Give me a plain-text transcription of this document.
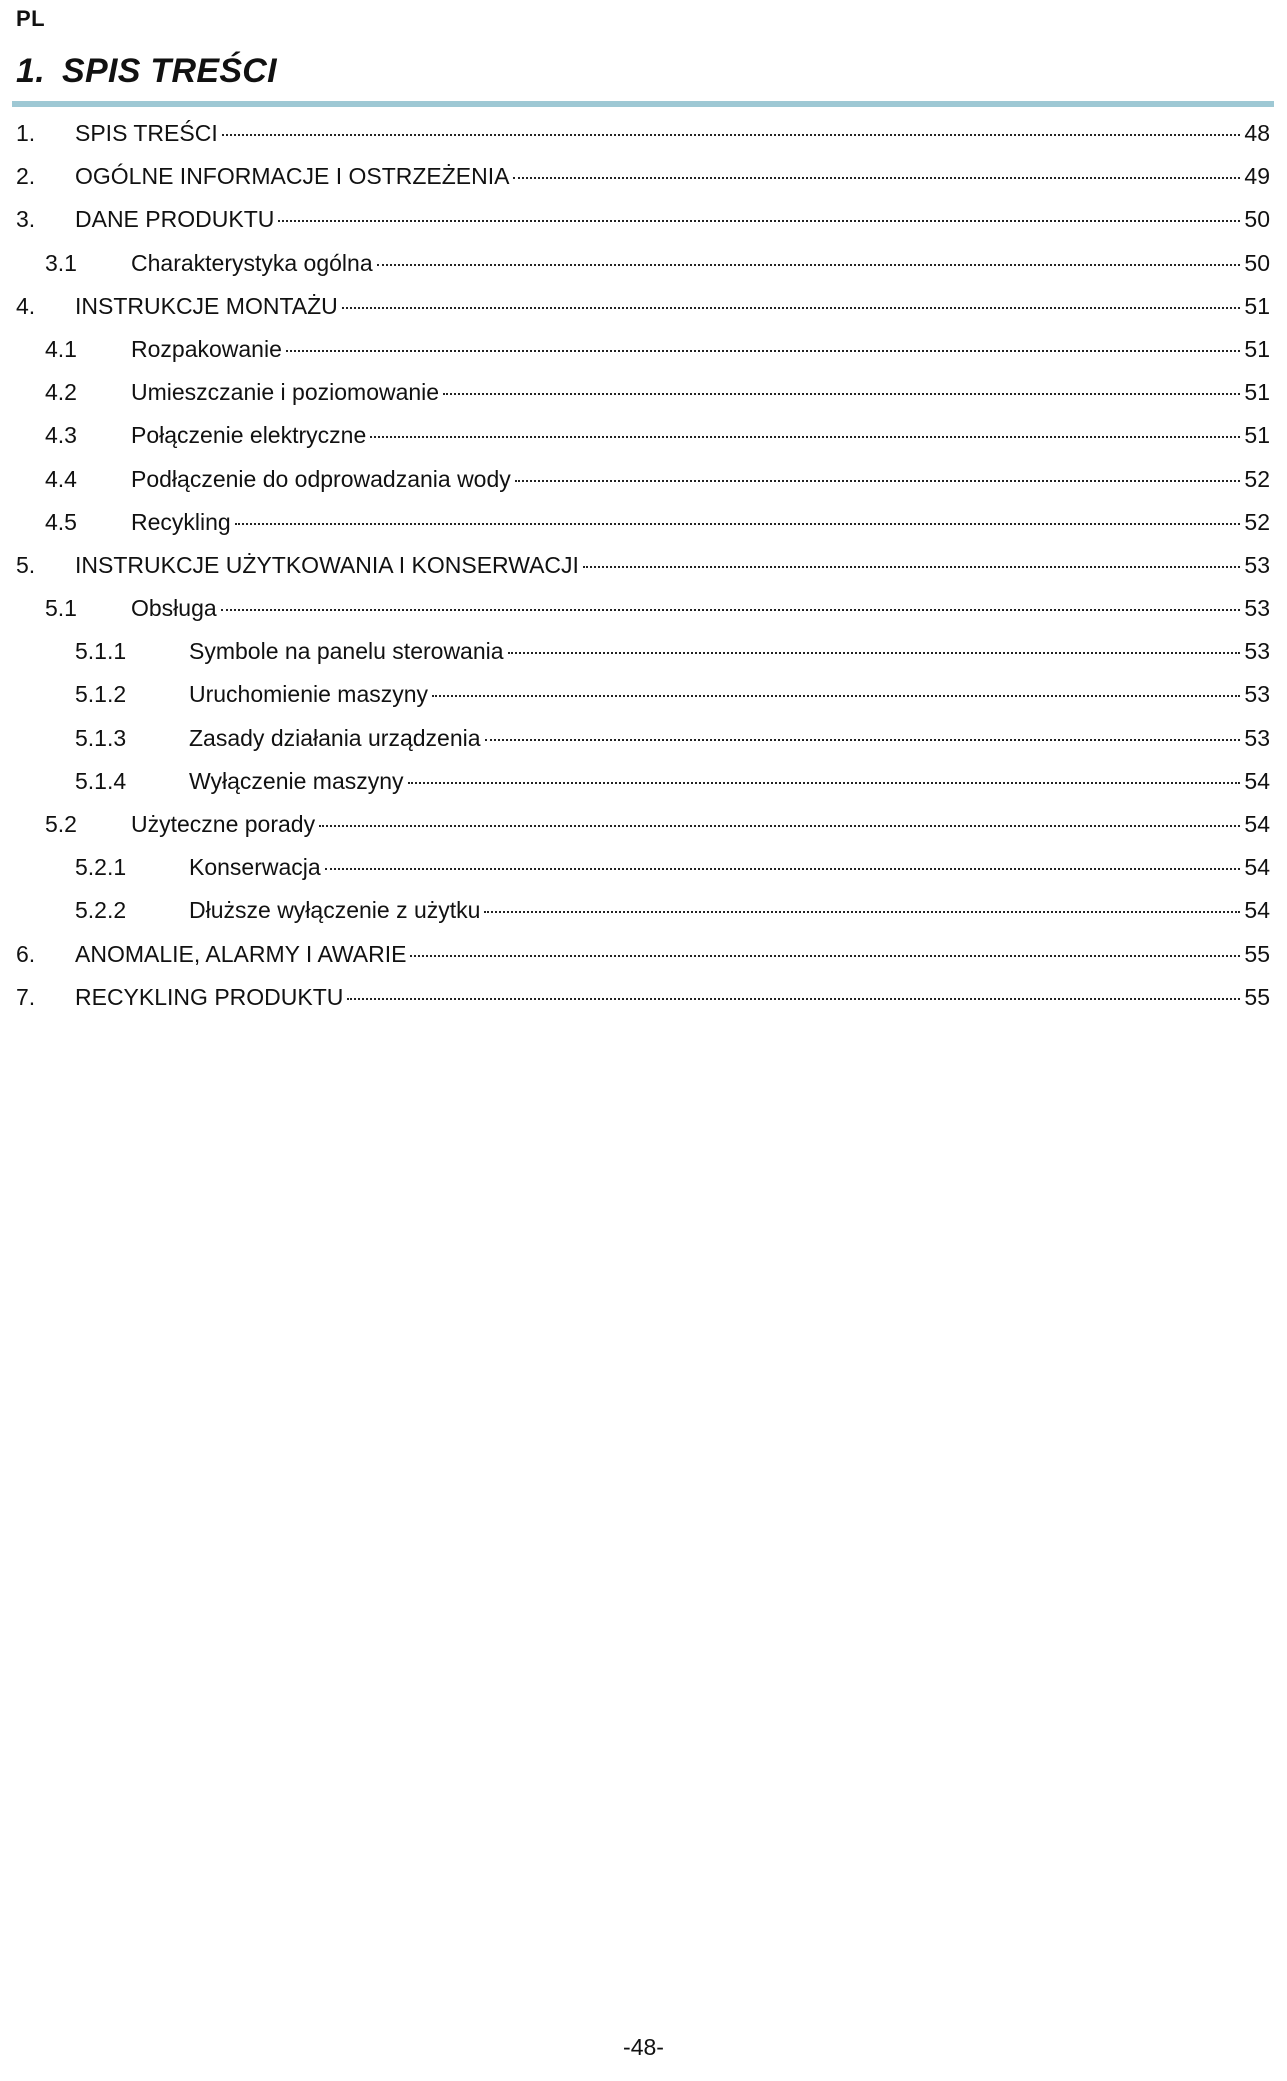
PL
1. SPIS TREŚCI
1.	SPIS TREŚCI	48
2.	OGÓLNE INFORMACJE I OSTRZEŻENIA	49
3.	DANE PRODUKTU	50
3.1	Charakterystyka ogólna	50
4.	INSTRUKCJE MONTAŻU	51
4.1	Rozpakowanie	51
4.2	Umieszczanie i poziomowanie	51
4.3	Połączenie elektryczne	51
4.4	Podłączenie do odprowadzania wody	52
4.5	Recykling	52
5.	INSTRUKCJE UŻYTKOWANIA I KONSERWACJI	53
5.1	Obsługa	53
5.1.1	Symbole na panelu sterowania	53
5.1.2	Uruchomienie maszyny	53
5.1.3	Zasady działania urządzenia	53
5.1.4	Wyłączenie maszyny	54
5.2	Użyteczne porady	54
5.2.1	Konserwacja	54
5.2.2	Dłuższe wyłączenie z użytku	54
6.	ANOMALIE, ALARMY I AWARIE	55
7.	RECYKLING PRODUKTU	55
-48-
